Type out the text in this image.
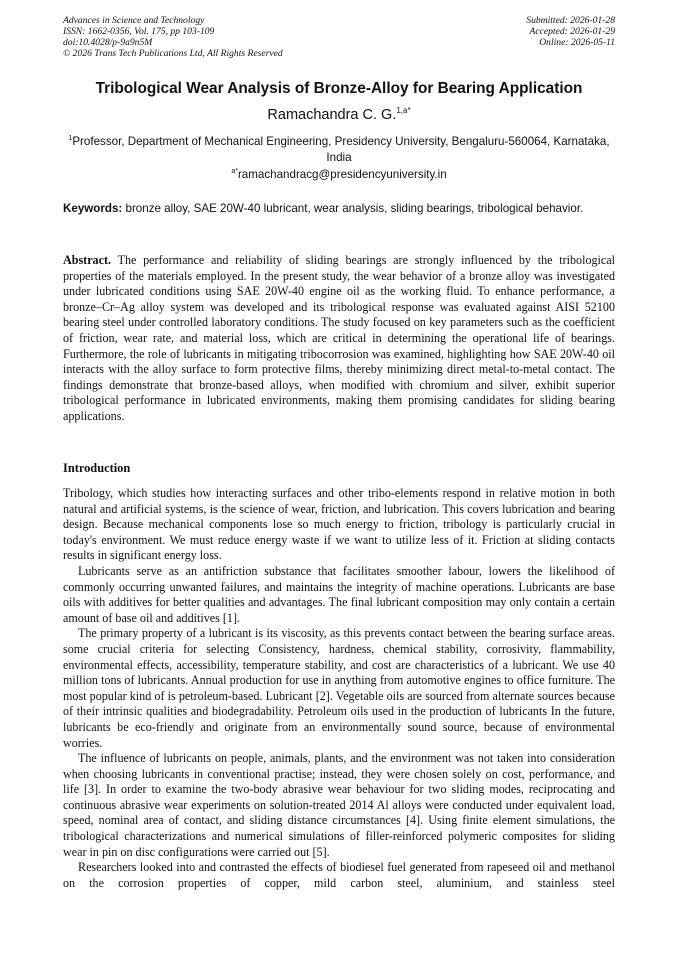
Advances in Science and Technology
ISSN: 1662-0356, Vol. 175, pp 103-109
doi:10.4028/p-9a9n5M
© 2026 Trans Tech Publications Ltd, All Rights Reserved
Submitted: 2026-01-28
Accepted: 2026-01-29
Online: 2026-05-11
Tribological Wear Analysis of Bronze-Alloy for Bearing Application
Ramachandra C. G.$^{1,a*}$
$^1$Professor, Department of Mechanical Engineering, Presidency University, Bengaluru-560064, Karnataka, India
$^{a*}$ramachandracg@presidencyuniversity.in
Keywords: bronze alloy, SAE 20W-40 lubricant, wear analysis, sliding bearings, tribological behavior.
Abstract. The performance and reliability of sliding bearings are strongly influenced by the tribological properties of the materials employed. In the present study, the wear behavior of a bronze alloy was investigated under lubricated conditions using SAE 20W-40 engine oil as the working fluid. To enhance performance, a bronze–Cr–Ag alloy system was developed and its tribological response was evaluated against AISI 52100 bearing steel under controlled laboratory conditions. The study focused on key parameters such as the coefficient of friction, wear rate, and material loss, which are critical in determining the operational life of bearings. Furthermore, the role of lubricants in mitigating tribocorrosion was examined, highlighting how SAE 20W-40 oil interacts with the alloy surface to form protective films, thereby minimizing direct metal-to-metal contact. The findings demonstrate that bronze-based alloys, when modified with chromium and silver, exhibit superior tribological performance in lubricated environments, making them promising candidates for sliding bearing applications.
Introduction

Tribology, which studies how interacting surfaces and other tribo-elements respond in relative motion in both natural and artificial systems, is the science of wear, friction, and lubrication. This covers lubrication and bearing design. Because mechanical components lose so much energy to friction, tribology is particularly crucial in today's environment. We must reduce energy waste if we want to utilize less of it. Friction at sliding contacts results in significant energy loss.

Lubricants serve as an antifriction substance that facilitates smoother labour, lowers the likelihood of commonly occurring unwanted failures, and maintains the integrity of machine operations. Lubricants are base oils with additives for better qualities and advantages. The final lubricant composition may only contain a certain amount of base oil and additives [1].

The primary property of a lubricant is its viscosity, as this prevents contact between the bearing surface areas. some crucial criteria for selecting Consistency, hardness, chemical stability, corrosivity, flammability, environmental effects, accessibility, temperature stability, and cost are characteristics of a lubricant. We use 40 million tons of lubricants. Annual production for use in anything from automotive engines to office furniture. The most popular kind of is petroleum-based. Lubricant [2]. Vegetable oils are sourced from alternate sources because of their intrinsic qualities and biodegradability. Petroleum oils used in the production of lubricants In the future, lubricants be eco-friendly and originate from an environmentally sound source, because of environmental worries.

The influence of lubricants on people, animals, plants, and the environment was not taken into consideration when choosing lubricants in conventional practise; instead, they were chosen solely on cost, performance, and life [3]. In order to examine the two-body abrasive wear behaviour for two sliding modes, reciprocating and continuous abrasive wear experiments on solution-treated 2014 Al alloys were conducted under equivalent load, speed, nominal area of contact, and sliding distance circumstances [4]. Using finite element simulations, the tribological characterizations and numerical simulations of filler-reinforced polymeric composites for sliding wear in pin on disc configurations were carried out [5].

Researchers looked into and contrasted the effects of biodiesel fuel generated from rapeseed oil and methanol on the corrosion properties of copper, mild carbon steel, aluminium, and stainless steel
